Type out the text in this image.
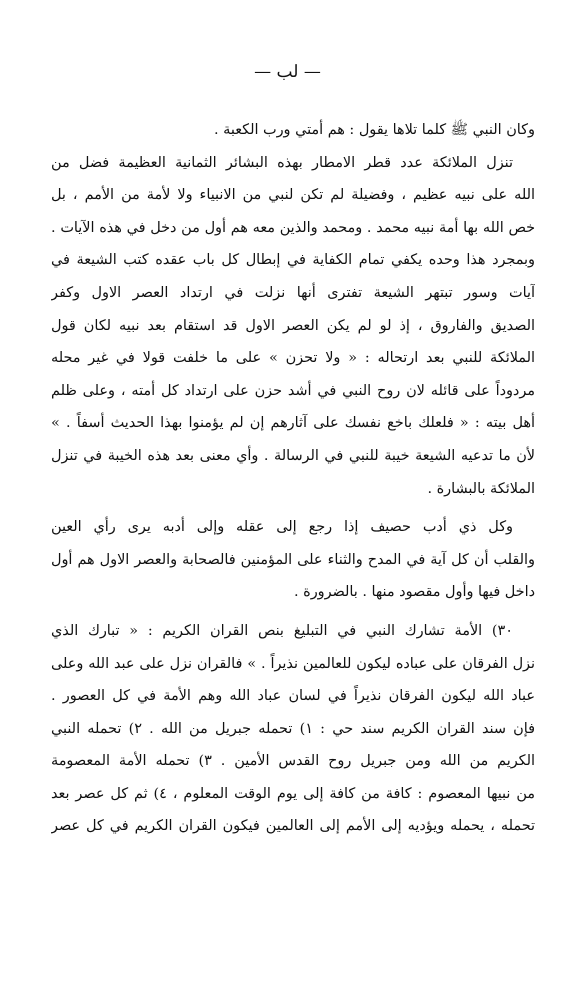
— لب —
وكان النبي ﷺ كلما تلاها يقول : هم أمتي ورب الكعبة .
تنزل الملائكة عدد قطر الامطار بهذه البشائر الثمانية العظيمة فضل من
الله على نبيه عظيم ، وفضيلة لم تكن لنبي من الانبياء ولا لأمة من الأمم ، بل
خص الله بها أمة نبيه محمد . ومحمد والذين معه هم أول من دخل في هذه الآيات .
وبمجرد هذا وحده يكفي تمام الكفاية في إبطال كل باب عقده كتب الشيعة في
آيات وسور تبتهر الشيعة تفترى أنها نزلت في ارتداد العصر الاول وكفر
الصديق والفاروق ، إذ لو لم يكن العصر الاول قد استقام بعد نبيه لكان قول
الملائكة للنبي بعد ارتحاله : « ولا تحزن » على ما خلفت قولا في غير محله
مردوداً على قائله لان روح النبي في أشد حزن على ارتداد كل أمته ، وعلى ظلم
أهل بيته : « فلعلك باخع نفسك على آثارهم إن لم يؤمنوا بهذا الحديث أسفاً . »
لأن ما تدعيه الشيعة خيبة للنبي في الرسالة . وأي معنى بعد هذه الخيبة في تنزل
الملائكة بالبشارة .
وكل ذي أدب حصيف إذا رجع إلى عقله وإلى أدبه يرى رأي العين
والقلب أن كل آية في المدح والثناء على المؤمنين فالصحابة والعصر الاول هم أول
داخل فيها وأول مقصود منها . بالضرورة .
٣٠) الأمة تشارك النبي في التبليغ بنص القران الكريم : « تبارك الذي
نزل الفرقان على عباده ليكون للعالمين نذيراً . » فالقران نزل على عبد الله وعلى
عباد الله ليكون الفرقان نذيراً في لسان عباد الله وهم الأمة في كل العصور .
فإن سند القران الكريم سند حي : ١) تحمله جبريل من الله . ٢) تحمله النبي
الكريم من الله ومن جبريل روح القدس الأمين . ٣) تحمله الأمة المعصومة
من نبيها المعصوم : كافة من كافة إلى يوم الوقت المعلوم ، ٤) ثم كل عصر بعد
تحمله ، يحمله ويؤديه إلى الأمم إلى العالمين فيكون القران الكريم في كل عصر
